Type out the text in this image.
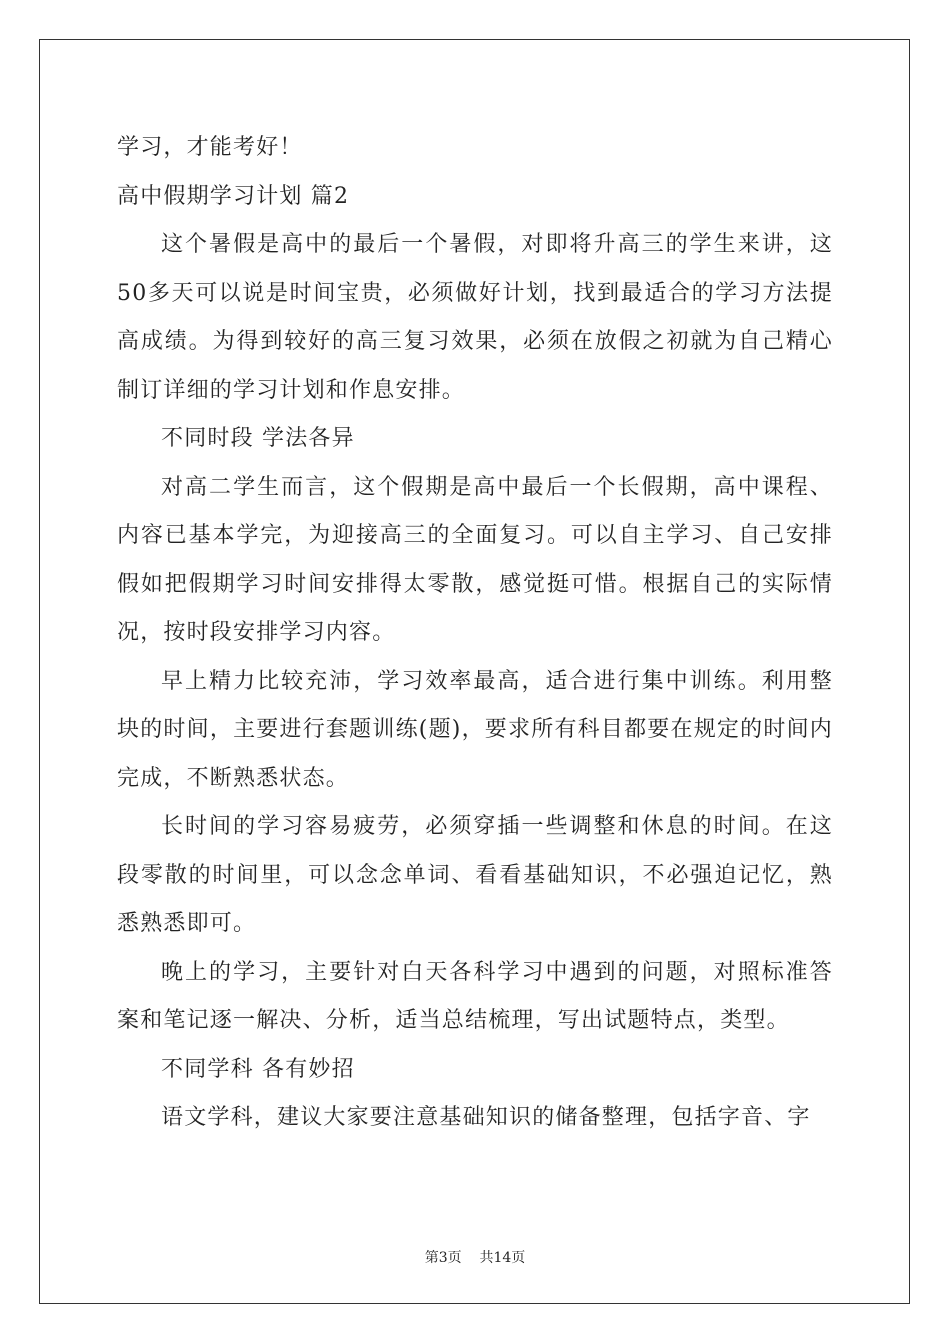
学习，才能考好！

高中假期学习计划 篇2

这个暑假是高中的最后一个暑假，对即将升高三的学生来讲，这50多天可以说是时间宝贵，必须做好计划，找到最适合的学习方法提高成绩。为得到较好的高三复习效果，必须在放假之初就为自己精心制订详细的学习计划和作息安排。

不同时段 学法各异

对高二学生而言，这个假期是高中最后一个长假期，高中课程、内容已基本学完，为迎接高三的全面复习。可以自主学习、自己安排假如把假期学习时间安排得太零散，感觉挺可惜。根据自己的实际情况，按时段安排学习内容。

早上精力比较充沛，学习效率最高，适合进行集中训练。利用整块的时间，主要进行套题训练(题)，要求所有科目都要在规定的时间内完成，不断熟悉状态。

长时间的学习容易疲劳，必须穿插一些调整和休息的时间。在这段零散的时间里，可以念念单词、看看基础知识，不必强迫记忆，熟悉熟悉即可。

晚上的学习，主要针对白天各科学习中遇到的问题，对照标准答案和笔记逐一解决、分析，适当总结梳理，写出试题特点，类型。

不同学科 各有妙招

语文学科，建议大家要注意基础知识的储备整理，包括字音、字

第3页    共14页
